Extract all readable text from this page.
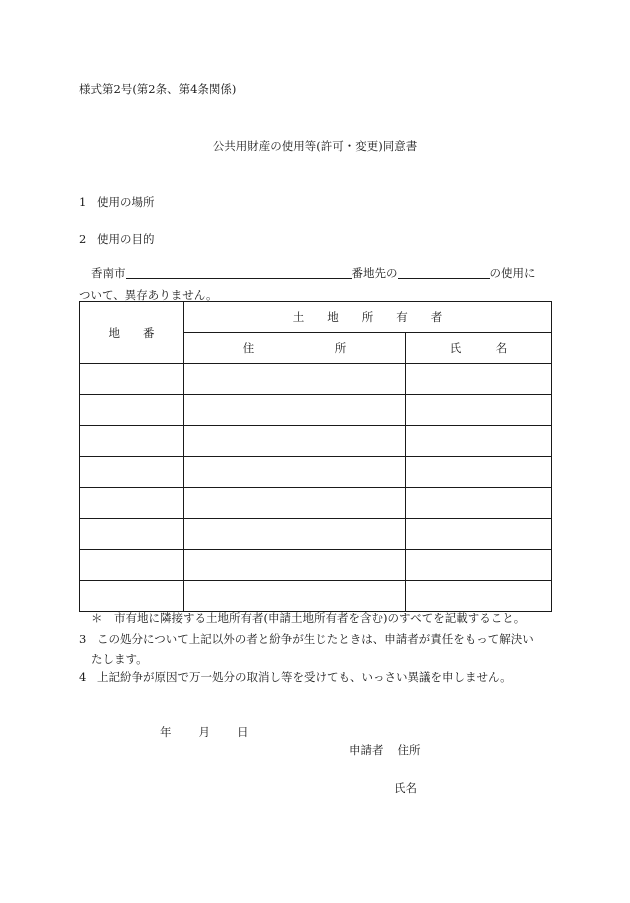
様式第2号(第2条、第4条関係)
公共用財産の使用等(許可・変更)同意書
1 使用の場所
2 使用の目的
香南市	番地先の	の使用に
ついて、異存ありません。
地　　番	土　　地　　所　　有　　者	
	住　　　　　　　所	氏　　　名

＊　市有地に隣接する土地所有者(申請土地所有者を含む)のすべてを記載すること。
3 この処分について上記以外の者と紛争が生じたときは、申請者が責任をもって解決い
たします。
4 上記紛争が原因で万一処分の取消し等を受けても、いっさい異議を申しません。
年 月 日
申請者 住所
氏名
